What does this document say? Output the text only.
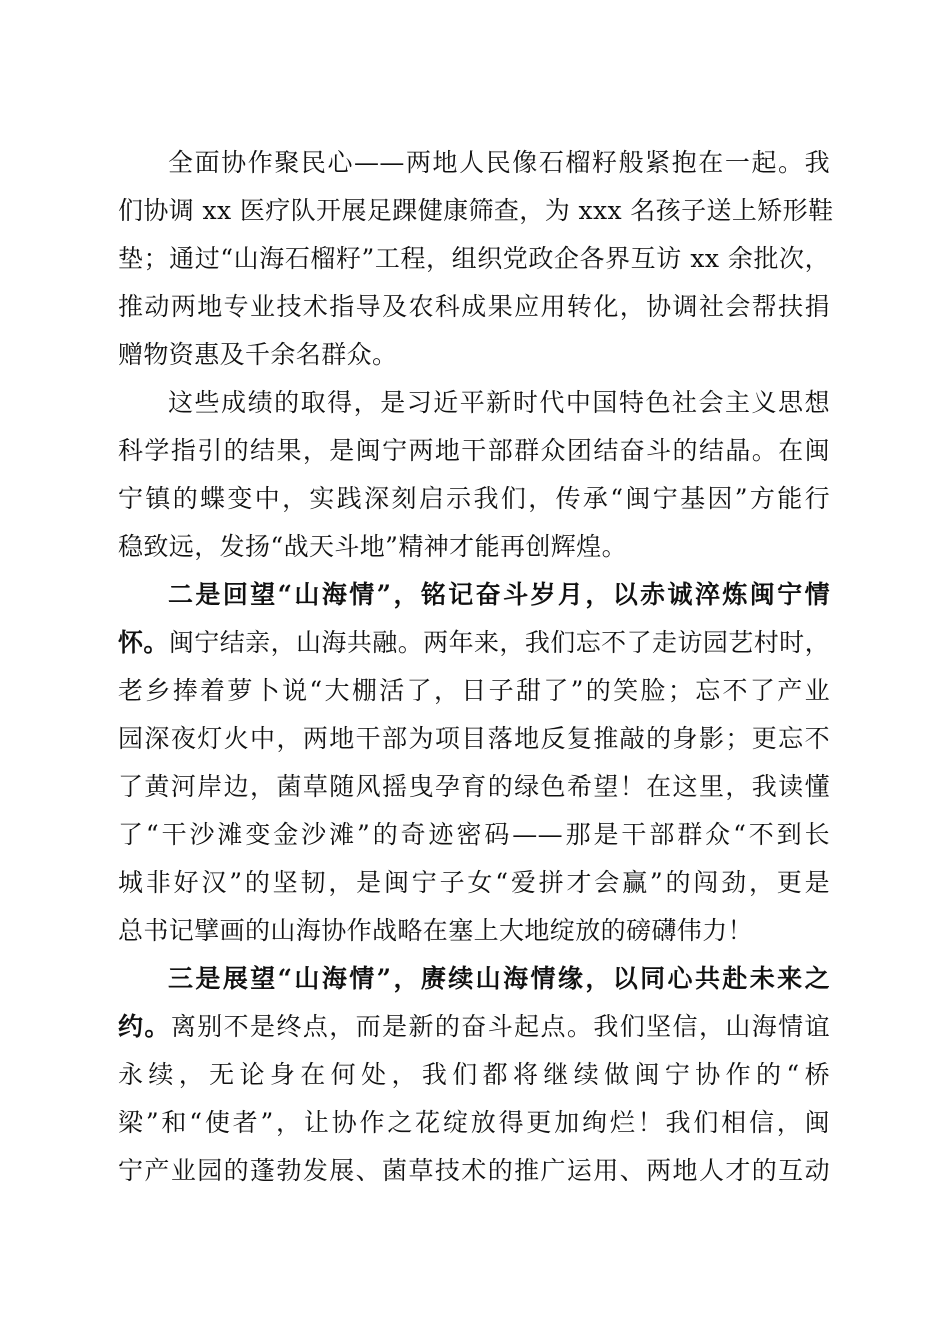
全面协作聚民心——两地人民像石榴籽般紧抱在一起。我
们协调 xx 医疗队开展足踝健康筛查，为 xxx 名孩子送上矫形鞋
垫；通过“山海石榴籽”工程，组织党政企各界互访 xx 余批次，
推动两地专业技术指导及农科成果应用转化，协调社会帮扶捐
赠物资惠及千余名群众。
这些成绩的取得，是习近平新时代中国特色社会主义思想
科学指引的结果，是闽宁两地干部群众团结奋斗的结晶。在闽
宁镇的蝶变中，实践深刻启示我们，传承“闽宁基因”方能行
稳致远，发扬“战天斗地”精神才能再创辉煌。
二是回望“山海情”，铭记奋斗岁月，以赤诚淬炼闽宁情
怀。闽宁结亲，山海共融。两年来，我们忘不了走访园艺村时，
老乡捧着萝卜说“大棚活了，日子甜了”的笑脸；忘不了产业
园深夜灯火中，两地干部为项目落地反复推敲的身影；更忘不
了黄河岸边，菌草随风摇曳孕育的绿色希望！在这里，我读懂
了“干沙滩变金沙滩”的奇迹密码——那是干部群众“不到长
城非好汉”的坚韧，是闽宁子女“爱拼才会赢”的闯劲，更是
总书记擘画的山海协作战略在塞上大地绽放的磅礴伟力！
三是展望“山海情”，赓续山海情缘，以同心共赴未来之
约。离别不是终点，而是新的奋斗起点。我们坚信，山海情谊
永续，无论身在何处，我们都将继续做闽宁协作的“桥
梁”和“使者”，让协作之花绽放得更加绚烂！我们相信，闽
宁产业园的蓬勃发展、菌草技术的推广运用、两地人才的互动
